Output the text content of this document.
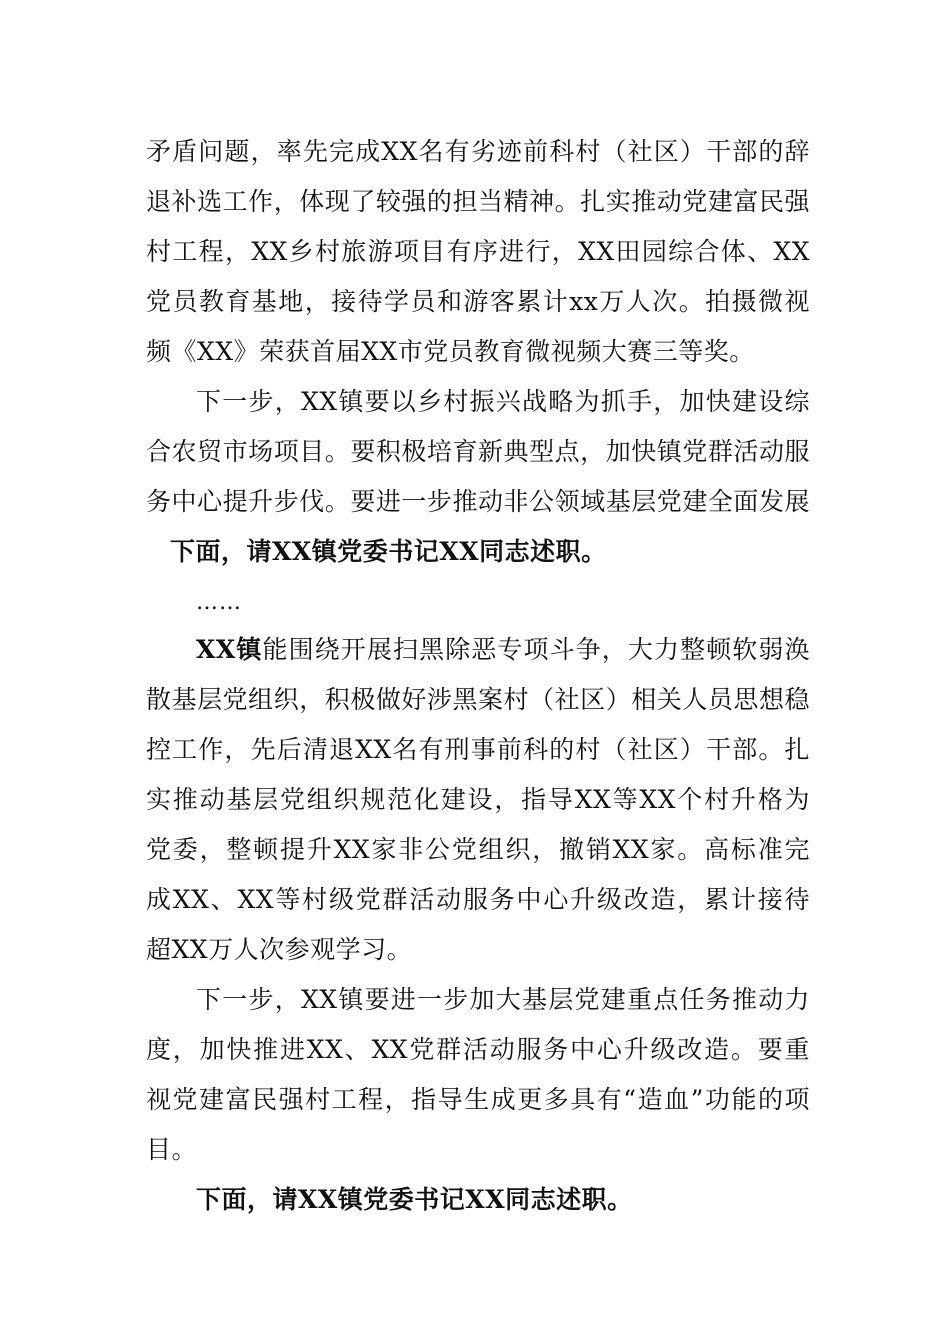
矛盾问题，率先完成XX名有劣迹前科村（社区）干部的辞
退补选工作，体现了较强的担当精神。扎实推动党建富民强
村工程，XX乡村旅游项目有序进行，XX田园综合体、XX
党员教育基地，接待学员和游客累计xx万人次。拍摄微视
频《XX》荣获首届XX市党员教育微视频大赛三等奖。
下一步，XX镇要以乡村振兴战略为抓手，加快建设综
合农贸市场项目。要积极培育新典型点，加快镇党群活动服
务中心提升步伐。要进一步推动非公领域基层党建全面发展
下面，请XX镇党委书记XX同志述职。
……
XX镇能围绕开展扫黑除恶专项斗争，大力整顿软弱涣
散基层党组织，积极做好涉黑案村（社区）相关人员思想稳
控工作，先后清退XX名有刑事前科的村（社区）干部。扎
实推动基层党组织规范化建设，指导XX等XX个村升格为
党委，整顿提升XX家非公党组织，撤销XX家。高标准完
成XX、XX等村级党群活动服务中心升级改造，累计接待
超XX万人次参观学习。
下一步，XX镇要进一步加大基层党建重点任务推动力
度，加快推进XX、XX党群活动服务中心升级改造。要重
视党建富民强村工程，指导生成更多具有“造血”功能的项
目。
下面，请XX镇党委书记XX同志述职。
